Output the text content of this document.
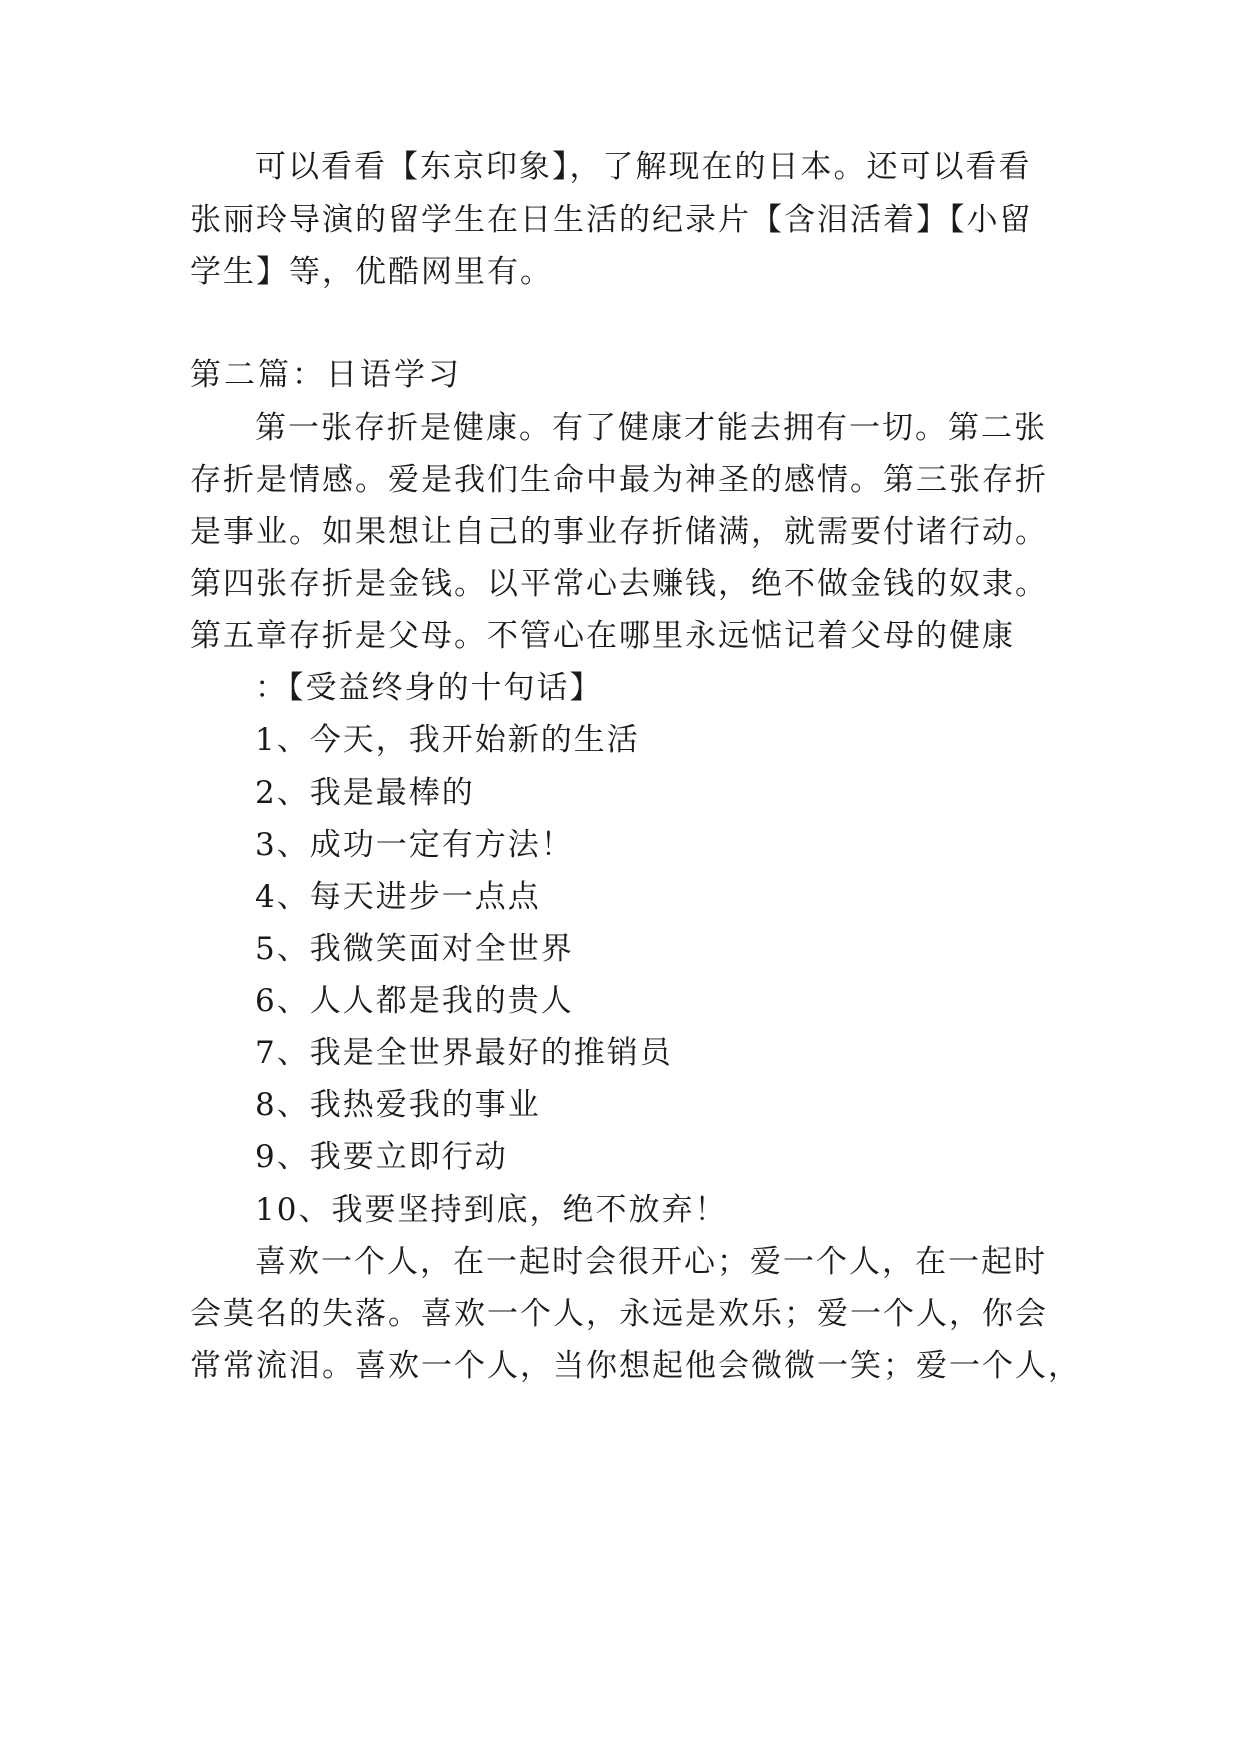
可以看看【东京印象】，了解现在的日本。还可以看看
张丽玲导演的留学生在日生活的纪录片【含泪活着】【小留
学生】等，优酷网里有。
第二篇：日语学习
第一张存折是健康。有了健康才能去拥有一切。第二张
存折是情感。爱是我们生命中最为神圣的感情。第三张存折
是事业。如果想让自己的事业存折储满，就需要付诸行动。
第四张存折是金钱。以平常心去赚钱，绝不做金钱的奴隶。
第五章存折是父母。不管心在哪里永远惦记着父母的健康
：【受益终身的十句话】
1、今天，我开始新的生活
2、我是最棒的
3、成功一定有方法！
4、每天进步一点点
5、我微笑面对全世界
6、人人都是我的贵人
7、我是全世界最好的推销员
8、我热爱我的事业
9、我要立即行动
10、我要坚持到底，绝不放弃！
喜欢一个人，在一起时会很开心；爱一个人，在一起时
会莫名的失落。喜欢一个人，永远是欢乐；爱一个人，你会
常常流泪。喜欢一个人，当你想起他会微微一笑；爱一个人，
